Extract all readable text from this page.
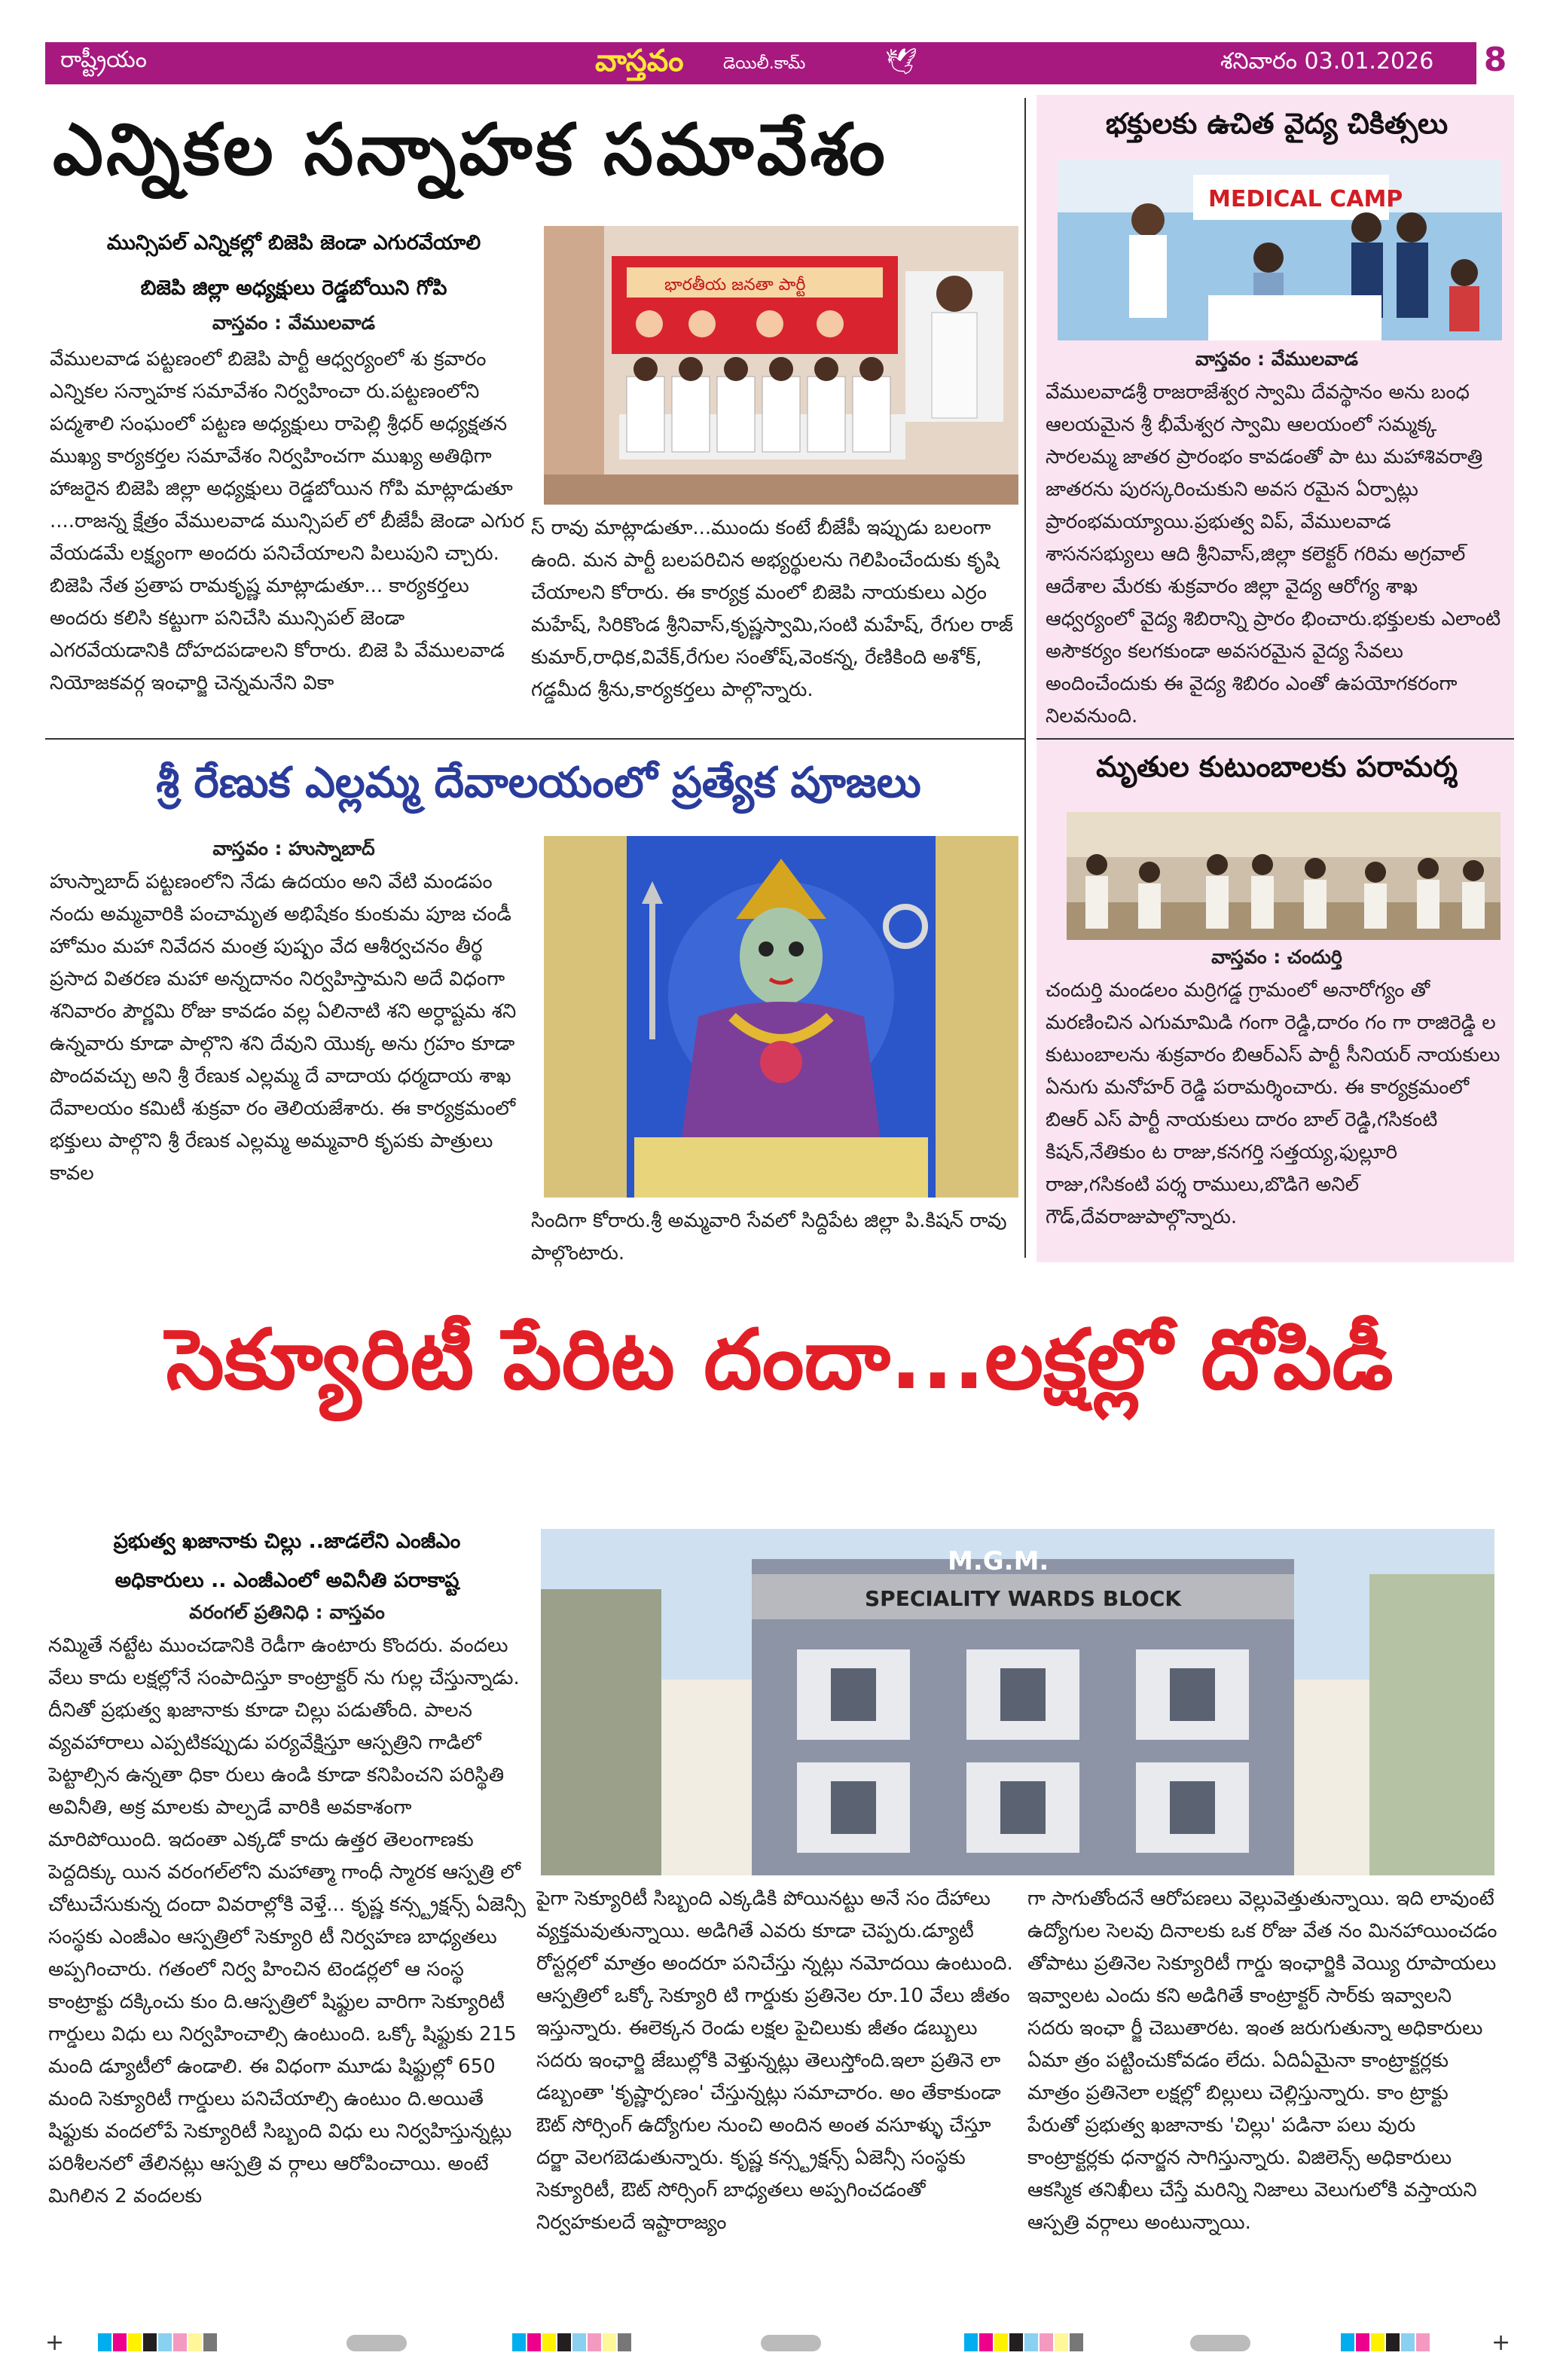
రాష్ట్రీయం	వాస్తవం డెయిలీ.కామ్	🕊	శనివారం 03.01.2026 8
ఎన్నికల సన్నాహక సమావేశం
మున్సిపల్ ఎన్నికల్లో బిజెపి జెండా ఎగురవేయాలి
బిజెపి జిల్లా అధ్యక్షులు రెడ్డబోయిని గోపి
వాస్తవం : వేములవాడ
వేములవాడ పట్టణంలో బిజెపి పార్టీ ఆధ్వర్యంలో శు క్రవారం ఎన్నికల సన్నాహక సమావేశం నిర్వహించా రు.పట్టణంలోని పద్మశాలి సంఘంలో పట్టణ అధ్యక్షులు రాపెల్లి శ్రీధర్ అధ్యక్షతన ముఖ్య కార్యకర్తల సమావేశం నిర్వహించగా ముఖ్య అతిథిగా హాజరైన బిజెపి జిల్లా అధ్యక్షులు రెడ్డబోయిన గోపి మాట్లాడుతూ ....రాజన్న క్షేత్రం వేములవాడ మున్సిపల్ లో బీజేపీ జెండా ఎగుర వేయడమే లక్ష్యంగా అందరు పనిచేయాలని పిలుపుని చ్చారు. బిజెపి నేత ప్రతాప రామకృష్ణ మాట్లాడుతూ... కార్యకర్తలు అందరు కలిసి కట్టుగా పనిచేసి మున్సిపల్ జెండా ఎగరవేయడానికి దోహదపడాలని కోరారు. బిజె పి వేములవాడ నియోజకవర్గ ఇంఛార్జి చెన్నమనేని వికా
భారతీయ జనతా పార్టీ
స్ రావు మాట్లాడుతూ...ముందు కంటే బీజేపీ ఇప్పుడు బలంగా ఉంది. మన పార్టీ బలపరిచిన అభ్యర్థులను గెలిపించేందుకు కృషి చేయాలని కోరారు. ఈ కార్యక్ర మంలో బిజెపి నాయకులు ఎర్రం మహేష్, సిరికొండ శ్రీనివాస్,కృష్ణస్వామి,సంటి మహేష్, రేగుల రాజ్ కుమార్,రాధిక,వివేక్,రేగుల సంతోష్,వెంకన్న, రేణికింది అశోక్, గడ్డమీద శ్రీను,కార్యకర్తలు పాల్గొన్నారు.
శ్రీ రేణుక ఎల్లమ్మ దేవాలయంలో ప్రత్యేక పూజలు
వాస్తవం : హుస్నాబాద్
హుస్నాబాద్ పట్టణంలోని నేడు ఉదయం అని వేటి మండపం నందు అమ్మవారికి పంచామృత అభిషేకం కుంకుమ పూజ చండీ హోమం మహా నివేదన మంత్ర పుష్పం వేద ఆశీర్వచనం తీర్థ ప్రసాద వితరణ మహా అన్నదానం నిర్వహిస్తామని అదే విధంగా శనివారం పౌర్ణమి రోజు కావడం వల్ల ఏలినాటి శని అర్ధాష్టమ శని ఉన్నవారు కూడా పాల్గొని శని దేవుని యొక్క అను గ్రహం కూడా పొందవచ్చు అని శ్రీ రేణుక ఎల్లమ్మ దే వాదాయ ధర్మదాయ శాఖ దేవాలయం కమిటీ శుక్రవా రం తెలియజేశారు. ఈ కార్యక్రమంలో భక్తులు పాల్గొని శ్రీ రేణుక ఎల్లమ్మ అమ్మవారి కృపకు పాత్రులు కావల
సిందిగా కోరారు.శ్రీ అమ్మవారి సేవలో సిద్దిపేట జిల్లా పి.కిషన్ రావు పాల్గొంటారు.
భక్తులకు ఉచిత వైద్య చికిత్సలు
MEDICAL CAMP
వాస్తవం : వేములవాడ
వేములవాడశ్రీ రాజరాజేశ్వర స్వామి దేవస్థానం అను బంధ ఆలయమైన శ్రీ భీమేశ్వర స్వామి ఆలయంలో సమ్మక్క సారలమ్మ జాతర ప్రారంభం కావడంతో పా టు మహాశివరాత్రి జాతరను పురస్కరించుకుని అవస రమైన ఏర్పాట్లు ప్రారంభమయ్యాయి.ప్రభుత్వ విప్, వేములవాడ శాసనసభ్యులు ఆది శ్రీనివాస్,జిల్లా కలెక్టర్ గరిమ అగ్రవాల్ ఆదేశాల మేరకు శుక్రవారం జిల్లా వైద్య ఆరోగ్య శాఖ ఆధ్వర్యంలో వైద్య శిబిరాన్ని ప్రారం భించారు.భక్తులకు ఎలాంటి అసౌకర్యం కలగకుండా అవసరమైన వైద్య సేవలు అందించేందుకు ఈ వైద్య శిబిరం ఎంతో ఉపయోగకరంగా నిలవనుంది.
మృతుల కుటుంబాలకు పరామర్శ
వాస్తవం : చందుర్తి
చందుర్తి మండలం మర్రిగడ్డ గ్రామంలో అనారోగ్యం తో మరణించిన ఎగుమామిడి గంగా రెడ్డి,దారం గం గా రాజిరెడ్డి ల కుటుంబాలను శుక్రవారం బిఆర్ఎస్ పార్టీ సీనియర్ నాయకులు ఏనుగు మనోహర్ రెడ్డి పరామర్శించారు. ఈ కార్యక్రమంలో బిఆర్ ఎస్ పార్టీ నాయకులు దారం బాల్ రెడ్డి,గసికంటి కిషన్,నేతికుం ట రాజు,కనగర్తి సత్తయ్య,ఫుల్లూరి రాజు,గసికంటి పర్శ రాములు,బొడిగె అనిల్ గౌడ్,దేవరాజుపాల్గొన్నారు.
సెక్యూరిటీ పేరిట దందా...లక్షల్లో దోపిడీ
ప్రభుత్వ ఖజానాకు చిల్లు ..జాడలేని ఎంజీఎం
అధికారులు .. ఎంజీఎంలో అవినీతి పరాకాష్ట
వరంగల్ ప్రతినిధి : వాస్తవం
నమ్మితే నట్టేట ముంచడానికి రెడీగా ఉంటారు కొందరు. వందలు వేలు కాదు లక్షల్లోనే సంపాదిస్తూ కాంట్రాక్టర్ ను గుల్ల చేస్తున్నాడు. దీనితో ప్రభుత్వ ఖజానాకు కూడా చిల్లు పడుతోంది. పాలన వ్యవహారాలు ఎప్పటికప్పుడు పర్యవేక్షిస్తూ ఆస్పత్రిని గాడిలో పెట్టాల్సిన ఉన్నతా ధికా రులు ఉండి కూడా కనిపించని పరిస్థితి అవినీతి, అక్ర మాలకు పాల్పడే వారికి అవకాశంగా మారిపోయింది. ఇదంతా ఎక్కడో కాదు ఉత్తర తెలంగాణకు పెద్దదిక్కు యిన వరంగల్‌లోని మహాత్మా గాంధీ స్మారక ఆస్పత్రి లో చోటుచేసుకున్న దందా వివరాల్లోకి వెళ్తే... కృష్ణ కన్స్ట్రక్షన్స్ ఏజెన్సీ సంస్థకు ఎంజీఎం ఆస్పత్రిలో సెక్యూరి టీ నిర్వహణ బాధ్యతలు అప్పగించారు. గతంలో నిర్వ హించిన టెండర్లలో ఆ సంస్థ కాంట్రాక్టు దక్కించు కుం ది.ఆస్పత్రిలో షిఫ్టుల వారిగా సెక్యూరిటీ గార్డులు విధు లు నిర్వహించాల్సి ఉంటుంది. ఒక్కో షిఫ్టుకు 215 మంది డ్యూటీలో ఉండాలి. ఈ విధంగా మూడు షిఫ్టుల్లో 650 మంది సెక్యూరిటీ గార్డులు పనిచేయాల్సి ఉంటుం ది.అయితే షిఫ్టుకు వందలోపే సెక్యూరిటీ సిబ్బంది విధు లు నిర్వహిస్తున్నట్లు పరిశీలనలో తేలినట్లు ఆస్పత్రి వ ర్గాలు ఆరోపించాయి. అంటే మిగిలిన 2 వందలకు
M.G.M.
SPECIALITY WARDS BLOCK
పైగా సెక్యూరిటీ సిబ్బంది ఎక్కడికి పోయినట్టు అనే సం దేహాలు వ్యక్తమవుతున్నాయి. అడిగితే ఎవరు కూడా చెప్పరు.డ్యూటీ రోస్టర్లలో మాత్రం అందరూ పనిచేస్తు న్నట్లు నమోదయి ఉంటుంది. ఆస్పత్రిలో ఒక్కో సెక్యూరి టి గార్డుకు ప్రతినెల రూ.10 వేలు జీతం ఇస్తున్నారు. ఈలెక్కన రెండు లక్షల పైచిలుకు జీతం డబ్బులు సదరు ఇంఛార్జి జేబుల్లోకి వెళ్తున్నట్లు తెలుస్తోంది.ఇలా ప్రతినె లా డబ్బంతా 'కృష్ణార్పణం' చేస్తున్నట్లు సమాచారం. అం తేకాకుండా ఔట్ సోర్సింగ్ ఉద్యోగుల నుంచి అందిన అంత వసూళ్ళు చేస్తూ దర్జా వెలగబెడుతున్నారు. కృష్ణ కన్స్ట్రక్షన్స్ ఏజెన్సీ సంస్థకు సెక్యూరిటీ, ఔట్ సోర్సింగ్ బాధ్యతలు అప్పగించడంతో నిర్వహకులదే ఇష్టారాజ్యం
గా సాగుతోందనే ఆరోపణలు వెల్లువెత్తుతున్నాయి. ఇది లావుంటే ఉద్యోగుల సెలవు దినాలకు ఒక రోజు వేత నం మినహాయించడం తోపాటు ప్రతినెల సెక్యూరిటీ గార్డు ఇంఛార్జికి వెయ్యి రూపాయలు ఇవ్వాలట ఎందు కని అడిగితే కాంట్రాక్టర్ సార్‌కు ఇవ్వాలని సదరు ఇంఛా ర్జీ చెబుతారట. ఇంత జరుగుతున్నా అధికారులు ఏమా త్రం పట్టించుకోవడం లేదు. ఏదిఏమైనా కాంట్రాక్టర్లకు మాత్రం ప్రతినెలా లక్షల్లో బిల్లులు చెల్లిస్తున్నారు. కాం ట్రాక్టు పేరుతో ప్రభుత్వ ఖజానాకు 'చిల్లు' పడినా పలు వురు కాంట్రాక్టర్లకు ధనార్జన సాగిస్తున్నారు. విజిలెన్స్ అధికారులు ఆకస్మిక తనిఖీలు చేస్తే మరిన్ని నిజాలు వెలుగులోకి వస్తాయని ఆస్పత్రి వర్గాలు అంటున్నాయి.
+	+
